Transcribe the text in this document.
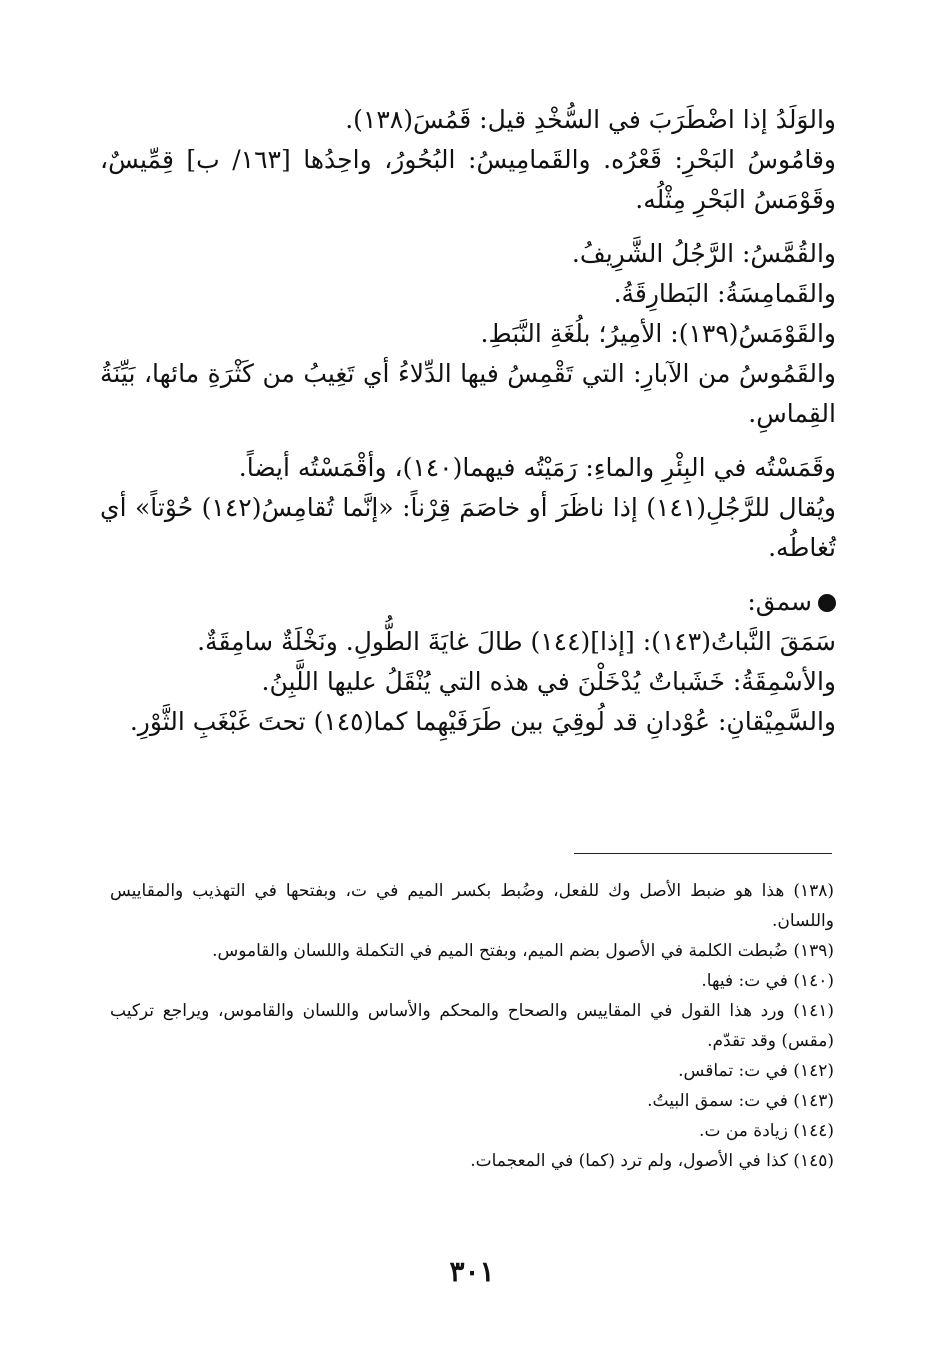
والوَلَدُ إذا اضْطَرَبَ في السُّخْدِ قيل: قَمُسَ(١٣٨).

وقامُوسُ البَحْرِ: قَعْرُه. والقَمامِيسُ: البُحُورُ، واحِدُها [١٦٣/ ب] قِمِّيسٌ، وقَوْمَسُ البَحْرِ مِثْلُه.

والقُمَّسُ: الرَّجُلُ الشَّرِيفُ.

والقَمامِسَةُ: البَطارِقَةُ.

والقَوْمَسُ(١٣٩): الأمِيرُ؛ بلُغَةِ النَّبَطِ.

والقَمُوسُ من الآبارِ: التي تَقْمِسُ فيها الدِّلاءُ أي تَغِيبُ من كَثْرَةِ مائها، بَيِّنَةُ القِماسِ.

وقَمَسْتُه في البِئْرِ والماءِ: رَمَيْتُه فيهما(١٤٠)، وأقْمَسْتُه أيضاً.

ويُقال للرَّجُلِ(١٤١) إذا ناظَرَ أو خاصَمَ قِرْناً: «إنَّما تُقامِسُ(١٤٢) حُوْتاً» أي تُغاطُه.

سمق:

سَمَقَ النَّباتُ(١٤٣): [إذا](١٤٤) طالَ غايَةَ الطُّولِ. ونَخْلَةٌ سامِقَةٌ.

والأسْمِقَةُ: خَشَباتٌ يُدْخَلْنَ في هذه التي يُنْقَلُ عليها اللَّبِنُ.

والسَّمِيْقانِ: عُوْدانِ قد لُوقِيَ بين طَرَفَيْهِما كما(١٤٥) تحتَ غَبْغَبِ الثَّوْرِ.

(١٣٨) هذا هو ضبط الأصل وك للفعل، وضُبط بكسر الميم في ت، وبفتحها في التهذيب والمقاييس واللسان.

(١٣٩) ضُبطت الكلمة في الأصول بضم الميم، وبفتح الميم في التكملة واللسان والقاموس.

(١٤٠) في ت: فيها.

(١٤١) ورد هذا القول في المقاييس والصحاح والمحكم والأساس واللسان والقاموس، ويراجع تركيب (مقس) وقد تقدّم.

(١٤٢) في ت: تماقس.

(١٤٣) في ت: سمق البيتُ.

(١٤٤) زيادة من ت.

(١٤٥) كذا في الأصول، ولم ترد (كما) في المعجمات.

٣٠١
